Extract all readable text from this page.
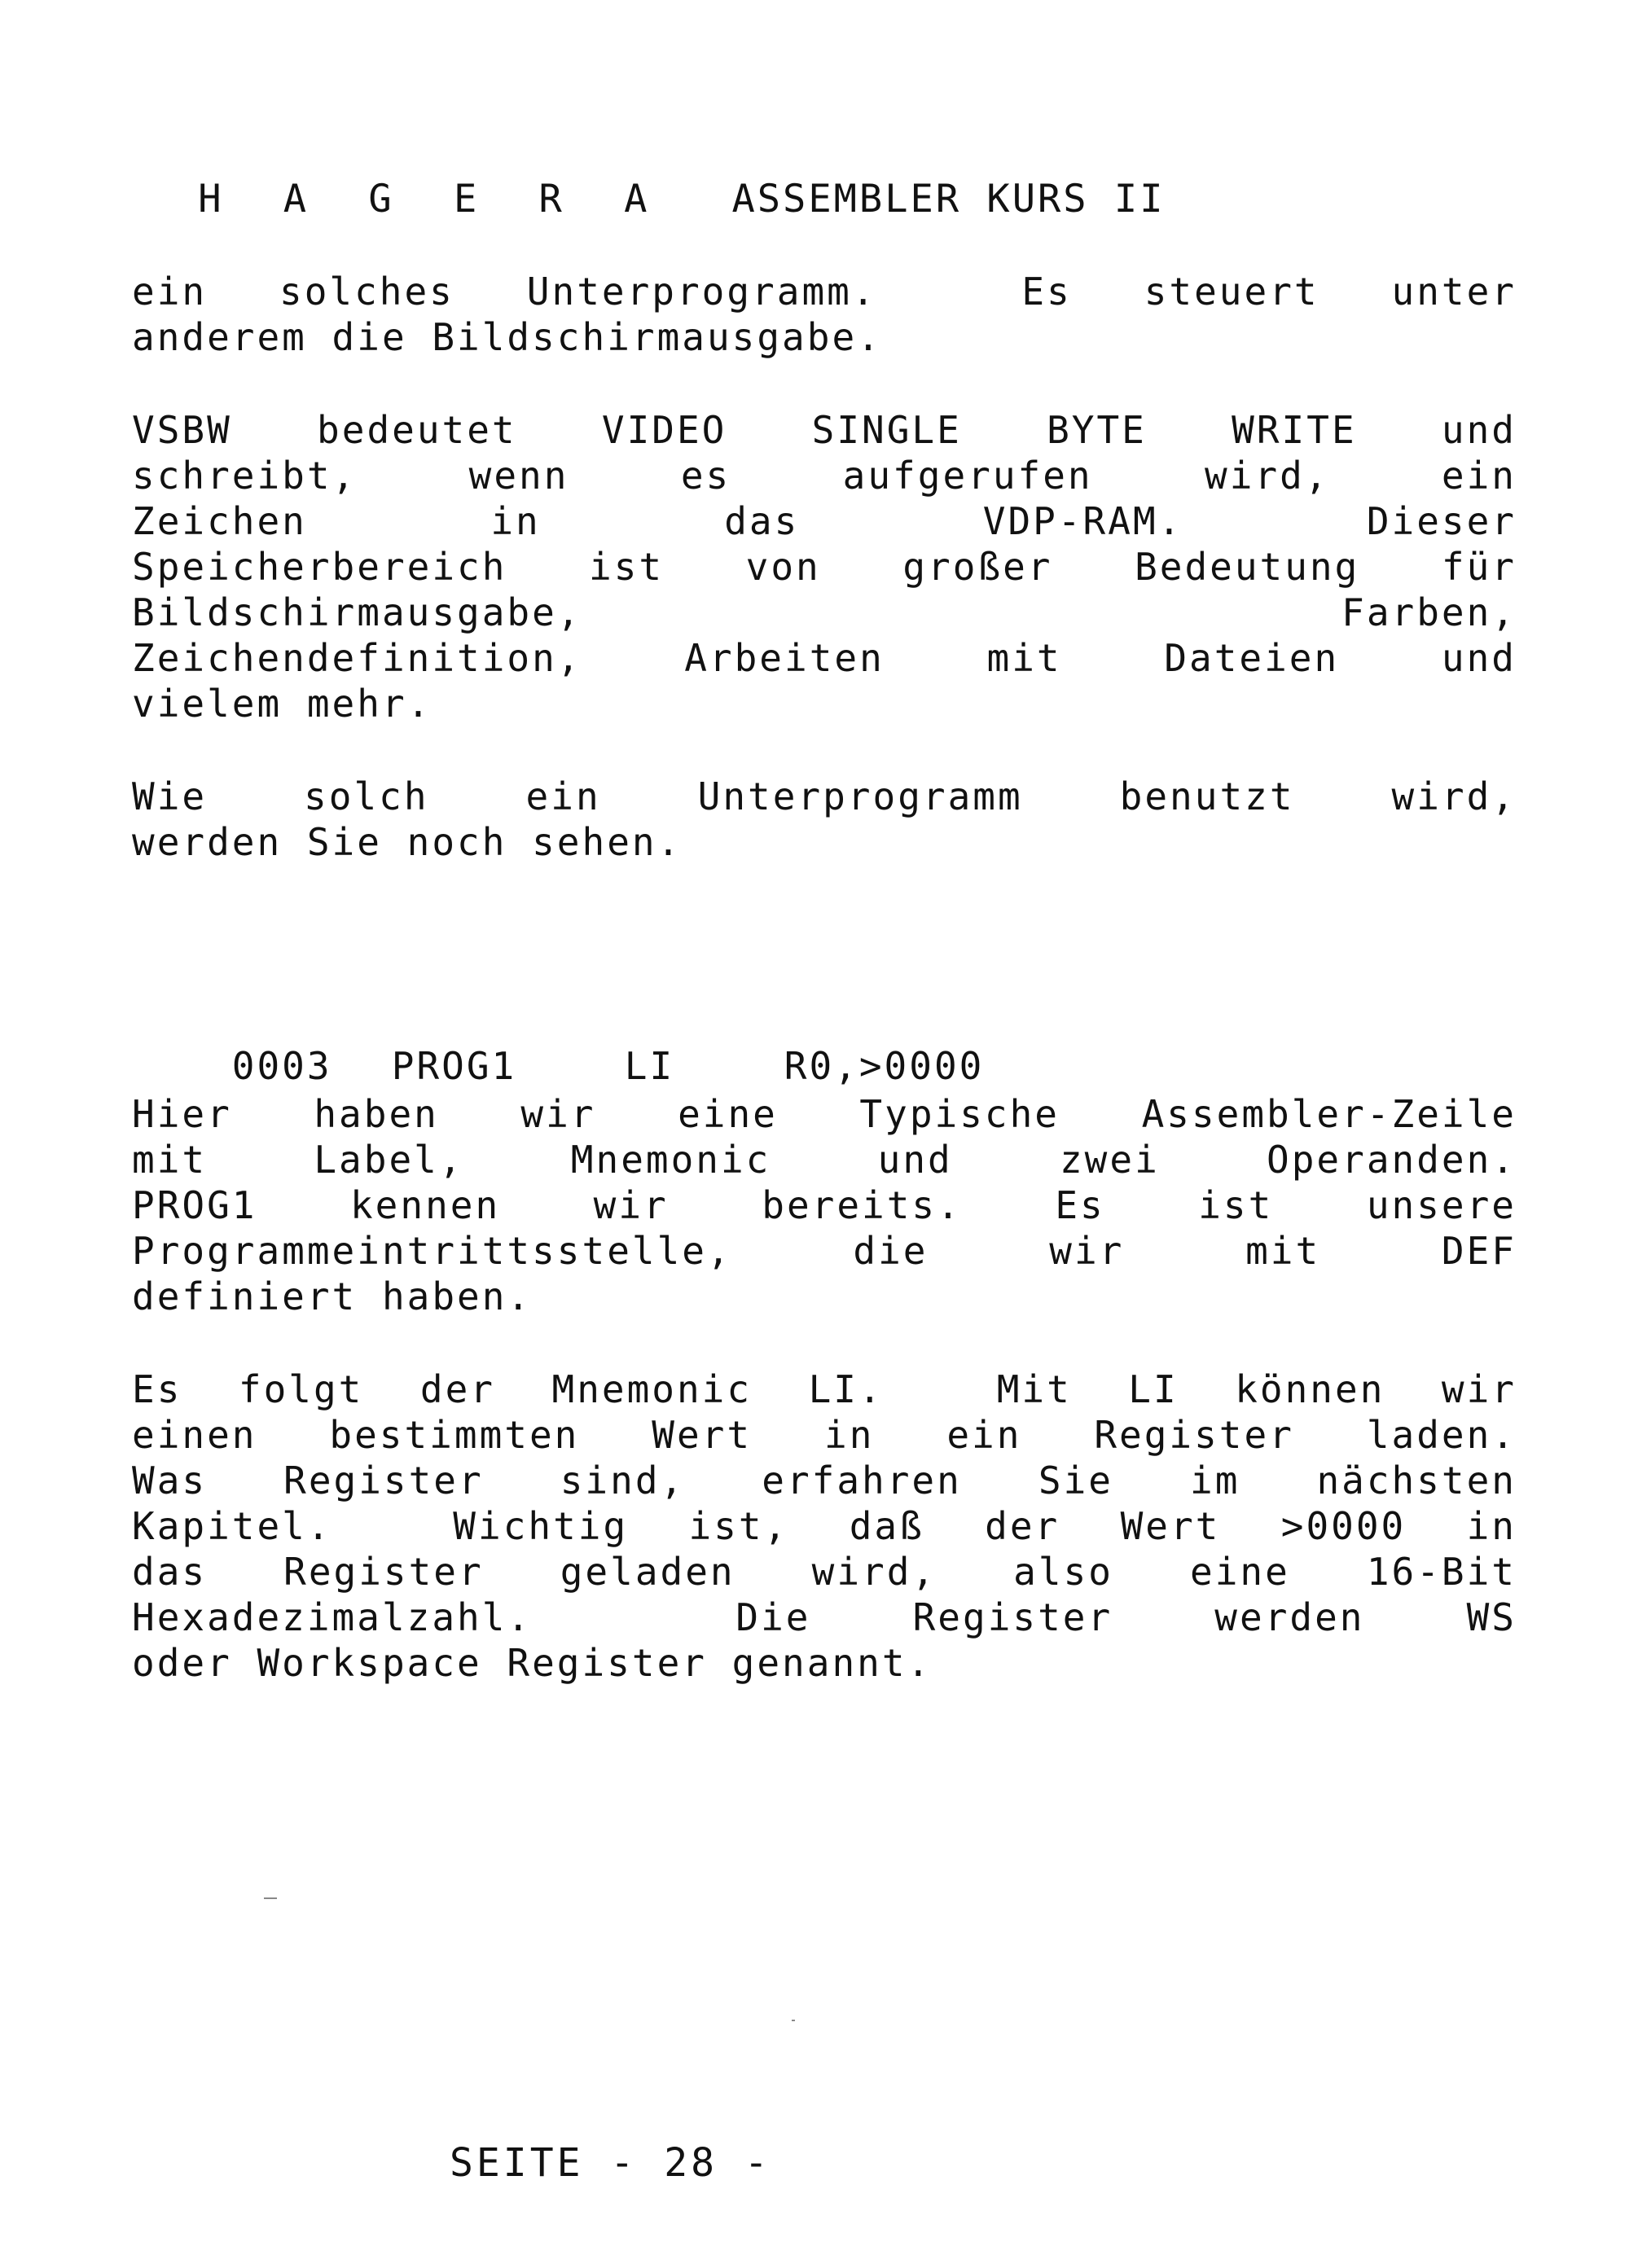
H A G E R A ASSEMBLER KURS II

ein solches Unterprogramm.  Es steuert unter
anderem die Bildschirmausgabe.
VSBW bedeutet VIDEO SINGLE BYTE WRITE und
schreibt, wenn es aufgerufen wird, ein
Zeichen in das VDP-RAM. Dieser
Speicherbereich ist von großer Bedeutung für
Bildschirmausgabe, Farben,
Zeichendefinition, Arbeiten mit Dateien und
vielem mehr.
Wie solch ein Unterprogramm benutzt wird,
werden Sie noch sehen.

0003 PROG1	LI	R0,>0000

Hier haben wir eine Typische Assembler-Zeile
mit Label, Mnemonic und zwei Operanden.
PROG1 kennen wir bereits. Es ist unsere
Programmeintrittsstelle, die wir mit DEF
definiert haben.
Es folgt der Mnemonic LI.  Mit LI können wir
einen bestimmten Wert in ein Register laden.
Was Register sind, erfahren Sie im nächsten
Kapitel.  Wichtig ist, daß der Wert >0000 in
das Register geladen wird, also eine 16-Bit
Hexadezimalzahl.  Die Register werden WS
oder Workspace Register genannt.
SEITE - 28 -
